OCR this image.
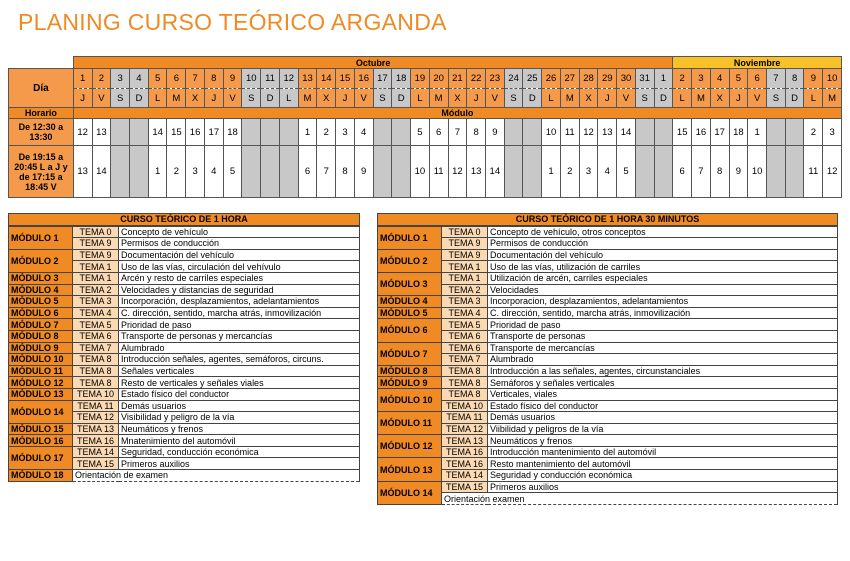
PLANING CURSO TEÓRICO ARGANDA
	Octubre																																Noviembre								
Día	1	2	3	4	5	6	7	8	9	10	11	12	13	14	15	16	17	18	19	20	21	22	23	24	25	26	27	28	29	30	31	1	2	3	4	5	6	7	8	9	10
	J	V	S	D	L	M	X	J	V	S	D	L	M	X	J	V	S	D	L	M	X	J	V	S	D	L	M	X	J	V	S	D	L	M	X	J	V	S	D	L	M
Horario	Módulo																																								
De 12:30 a 13:30	12	13			14	15	16	17	18				1	2	3	4			5	6	7	8	9			10	11	12	13	14			15	16	17	18	1			2	3
De 19:15 a 20:45 L a J y de 17:15 a 18:45 V	13	14			1	2	3	4	5				6	7	8	9			10	11	12	13	14			1	2	3	4	5			6	7	8	9	10			11	12
CURSO TEÓRICO DE 1 HORA		
MÓDULO 1	TEMA 0	Concepto de vehículo
	TEMA 9	Permisos de conducción
MÓDULO 2	TEMA 9	Documentación del vehículo
	TEMA 1	Uso de las vías, circulación del vehívulo
MÓDULO 3	TEMA 1	Arcén y resto de carriles especiales
MÓDULO 4	TEMA 2	Velocidades y distancias de seguridad
MÓDULO 5	TEMA 3	Incorporación, desplazamientos, adelantamientos
MÓDULO 6	TEMA 4	C. dirección, sentido, marcha atrás, inmovilización
MÓDULO 7	TEMA 5	Prioridad de paso
MÓDULO 8	TEMA 6	Transporte de personas y mercancías
MÓDULO 9	TEMA 7	Alumbrado
MÓDULO 10	TEMA 8	Introducción señales, agentes, semáforos, circuns.
MÓDULO 11	TEMA 8	Señales verticales
MÓDULO 12	TEMA 8	Resto de verticales y señales viales
MÓDULO 13	TEMA 10	Estado físico del conductor
MÓDULO 14	TEMA 11	Demás usuarios
	TEMA 12	Visibilidad y peligro de la vía
MÓDULO 15	TEMA 13	Neumáticos y frenos
MÓDULO 16	TEMA 16	Mnatenimiento del automóvil
MÓDULO 17	TEMA 14	Seguridad, conducción económica
	TEMA 15	Primeros auxilios
MÓDULO 18	Orientación de examen	
CURSO TEÓRICO DE 1 HORA 30 MINUTOS		
MÓDULO 1	TEMA 0	Concepto de vehículo, otros conceptos
	TEMA 9	Permisos de conducción
MÓDULO 2	TEMA 9	Documentación del vehículo
	TEMA 1	Uso de las vías, utilización de carriles
MÓDULO 3	TEMA 1	Utilización de arcén, carriles especiales
	TEMA 2	Velocidades
MÓDULO 4	TEMA 3	Incorporacion, desplazamientos, adelantamientos
MÓDULO 5	TEMA 4	C. dirección, sentido, marcha atrás, inmovilización
MÓDULO 6	TEMA 5	Prioridad de paso
	TEMA 6	Transporte de personas
MÓDULO 7	TEMA 6	Transporte de mercancías
	TEMA 7	Alumbrado
MÓDULO 8	TEMA 8	Introducción a las señales, agentes, circunstanciales
MÓDULO 9	TEMA 8	Semáforos y señales verticales
MÓDULO 10	TEMA 8	Verticales, viales
	TEMA 10	Estado físico del conductor
MÓDULO 11	TEMA 11	Demás usuarios
	TEMA 12	Viibilidad y peligros de la vía
MÓDULO 12	TEMA 13	Neumáticos y frenos
	TEMA 16	Introducción mantenimiento del automóvil
MÓDULO 13	TEMA 16	Resto mantenimiento del automóvil
	TEMA 14	Seguridad y conducción económica
MÓDULO 14	TEMA 15	Primeros auxilios
	Orientación examen	
